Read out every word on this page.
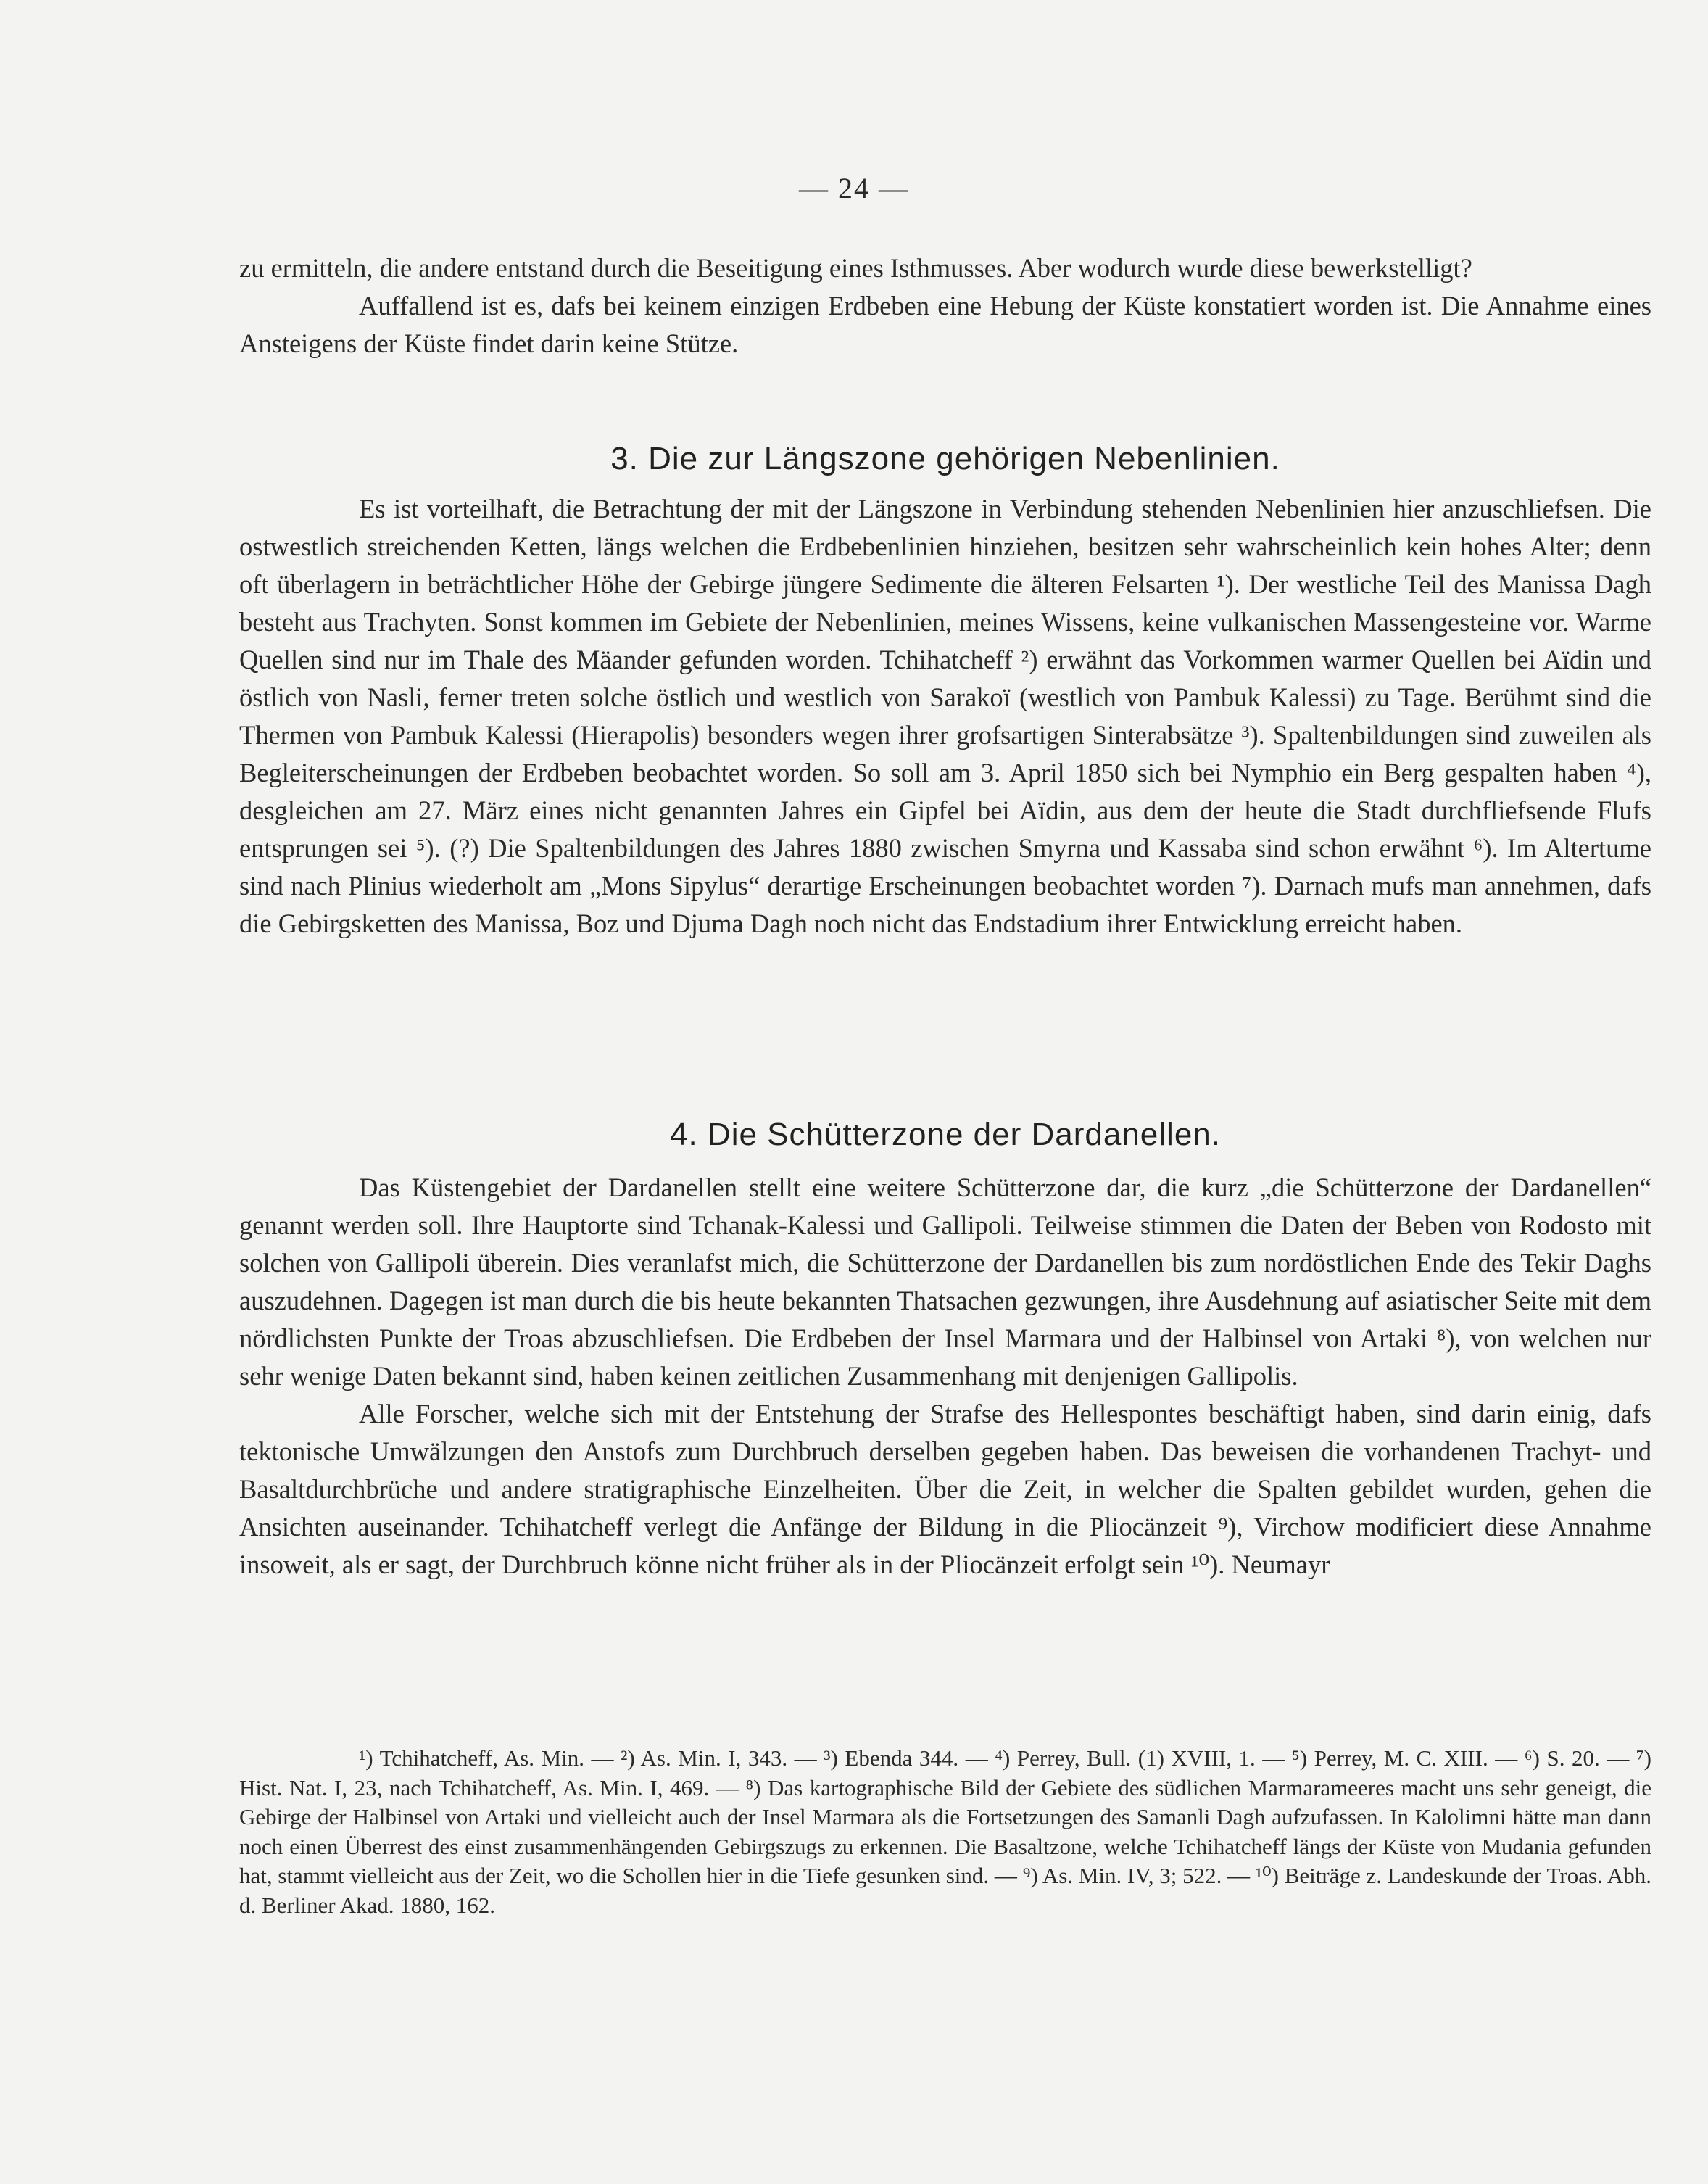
— 24 —

zu ermitteln, die andere entstand durch die Beseitigung eines Isthmusses. Aber wodurch wurde diese bewerkstelligt?

Auffallend ist es, dafs bei keinem einzigen Erdbeben eine Hebung der Küste konstatiert worden ist. Die Annahme eines Ansteigens der Küste findet darin keine Stütze.

3. Die zur Längszone gehörigen Nebenlinien.

Es ist vorteilhaft, die Betrachtung der mit der Längszone in Verbindung stehenden Nebenlinien hier anzuschliefsen. Die ostwestlich streichenden Ketten, längs welchen die Erdbebenlinien hinziehen, besitzen sehr wahrscheinlich kein hohes Alter; denn oft überlagern in beträchtlicher Höhe der Gebirge jüngere Sedimente die älteren Felsarten ¹). Der westliche Teil des Manissa Dagh besteht aus Trachyten. Sonst kommen im Gebiete der Nebenlinien, meines Wissens, keine vulkanischen Massengesteine vor. Warme Quellen sind nur im Thale des Mäander gefunden worden. Tchihatcheff ²) erwähnt das Vorkommen warmer Quellen bei Aïdin und östlich von Nasli, ferner treten solche östlich und westlich von Sarakoï (westlich von Pambuk Kalessi) zu Tage. Berühmt sind die Thermen von Pambuk Kalessi (Hierapolis) besonders wegen ihrer grofsartigen Sinterabsätze ³). Spaltenbildungen sind zuweilen als Begleiterscheinungen der Erdbeben beobachtet worden. So soll am 3. April 1850 sich bei Nymphio ein Berg gespalten haben ⁴), desgleichen am 27. März eines nicht genannten Jahres ein Gipfel bei Aïdin, aus dem der heute die Stadt durchfliefsende Flufs entsprungen sei ⁵). (?) Die Spaltenbildungen des Jahres 1880 zwischen Smyrna und Kassaba sind schon erwähnt ⁶). Im Altertume sind nach Plinius wiederholt am „Mons Sipylus“ derartige Erscheinungen beobachtet worden ⁷). Darnach mufs man annehmen, dafs die Gebirgsketten des Manissa, Boz und Djuma Dagh noch nicht das Endstadium ihrer Entwicklung erreicht haben.

4. Die Schütterzone der Dardanellen.

Das Küstengebiet der Dardanellen stellt eine weitere Schütterzone dar, die kurz „die Schütterzone der Dardanellen“ genannt werden soll. Ihre Hauptorte sind Tchanak-Kalessi und Gallipoli. Teilweise stimmen die Daten der Beben von Rodosto mit solchen von Gallipoli überein. Dies veranlafst mich, die Schütterzone der Dardanellen bis zum nordöstlichen Ende des Tekir Daghs auszudehnen. Dagegen ist man durch die bis heute bekannten Thatsachen gezwungen, ihre Ausdehnung auf asiatischer Seite mit dem nördlichsten Punkte der Troas abzuschliefsen. Die Erdbeben der Insel Marmara und der Halbinsel von Artaki ⁸), von welchen nur sehr wenige Daten bekannt sind, haben keinen zeitlichen Zusammenhang mit denjenigen Gallipolis.

Alle Forscher, welche sich mit der Entstehung der Strafse des Hellespontes beschäftigt haben, sind darin einig, dafs tektonische Umwälzungen den Anstofs zum Durchbruch derselben gegeben haben. Das beweisen die vorhandenen Trachyt- und Basaltdurchbrüche und andere stratigraphische Einzelheiten. Über die Zeit, in welcher die Spalten gebildet wurden, gehen die Ansichten auseinander. Tchihatcheff verlegt die Anfänge der Bildung in die Pliocänzeit ⁹), Virchow modificiert diese Annahme insoweit, als er sagt, der Durchbruch könne nicht früher als in der Pliocänzeit erfolgt sein ¹⁰). Neumayr

¹) Tchihatcheff, As. Min. — ²) As. Min. I, 343. — ³) Ebenda 344. — ⁴) Perrey, Bull. (1) XVIII, 1. — ⁵) Perrey, M. C. XIII. — ⁶) S. 20. — ⁷) Hist. Nat. I, 23, nach Tchihatcheff, As. Min. I, 469. — ⁸) Das kartographische Bild der Gebiete des südlichen Marmarameeres macht uns sehr geneigt, die Gebirge der Halbinsel von Artaki und vielleicht auch der Insel Marmara als die Fortsetzungen des Samanli Dagh aufzufassen. In Kalolimni hätte man dann noch einen Überrest des einst zusammenhängenden Gebirgszugs zu erkennen. Die Basaltzone, welche Tchihatcheff längs der Küste von Mudania gefunden hat, stammt vielleicht aus der Zeit, wo die Schollen hier in die Tiefe gesunken sind. — ⁹) As. Min. IV, 3; 522. — ¹⁰) Beiträge z. Landeskunde der Troas. Abh. d. Berliner Akad. 1880, 162.
